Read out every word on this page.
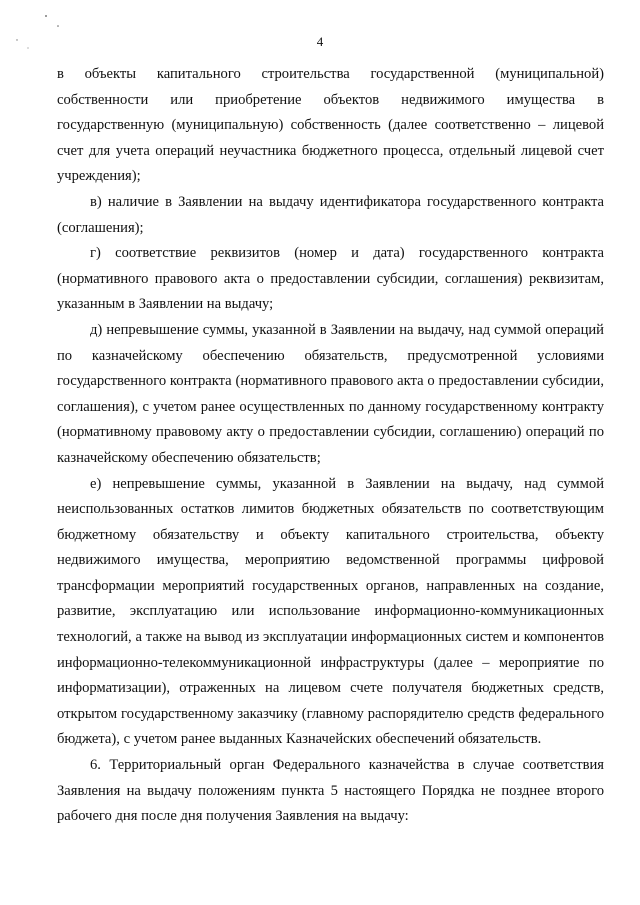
4

в объекты капитального строительства государственной (муниципальной) собственности или приобретение объектов недвижимого имущества в государственную (муниципальную) собственность (далее соответственно – лицевой счет для учета операций неучастника бюджетного процесса, отдельный лицевой счет учреждения);

в) наличие в Заявлении на выдачу идентификатора государственного контракта (соглашения);

г) соответствие реквизитов (номер и дата) государственного контракта (нормативного правового акта о предоставлении субсидии, соглашения) реквизитам, указанным в Заявлении на выдачу;

д) непревышение суммы, указанной в Заявлении на выдачу, над суммой операций по казначейскому обеспечению обязательств, предусмотренной условиями государственного контракта (нормативного правового акта о предоставлении субсидии, соглашения), с учетом ранее осуществленных по данному государственному контракту (нормативному правовому акту о предоставлении субсидии, соглашению) операций по казначейскому обеспечению обязательств;

е) непревышение суммы, указанной в Заявлении на выдачу, над суммой неиспользованных остатков лимитов бюджетных обязательств по соответствующим бюджетному обязательству и объекту капитального строительства, объекту недвижимого имущества, мероприятию ведомственной программы цифровой трансформации мероприятий государственных органов, направленных на создание, развитие, эксплуатацию или использование информационно-коммуникационных технологий, а также на вывод из эксплуатации информационных систем и компонентов информационно-телекоммуникационной инфраструктуры (далее – мероприятие по информатизации), отраженных на лицевом счете получателя бюджетных средств, открытом государственному заказчику (главному распорядителю средств федерального бюджета), с учетом ранее выданных Казначейских обеспечений обязательств.

6. Территориальный орган Федерального казначейства в случае соответствия Заявления на выдачу положениям пункта 5 настоящего Порядка не позднее второго рабочего дня после дня получения Заявления на выдачу:
